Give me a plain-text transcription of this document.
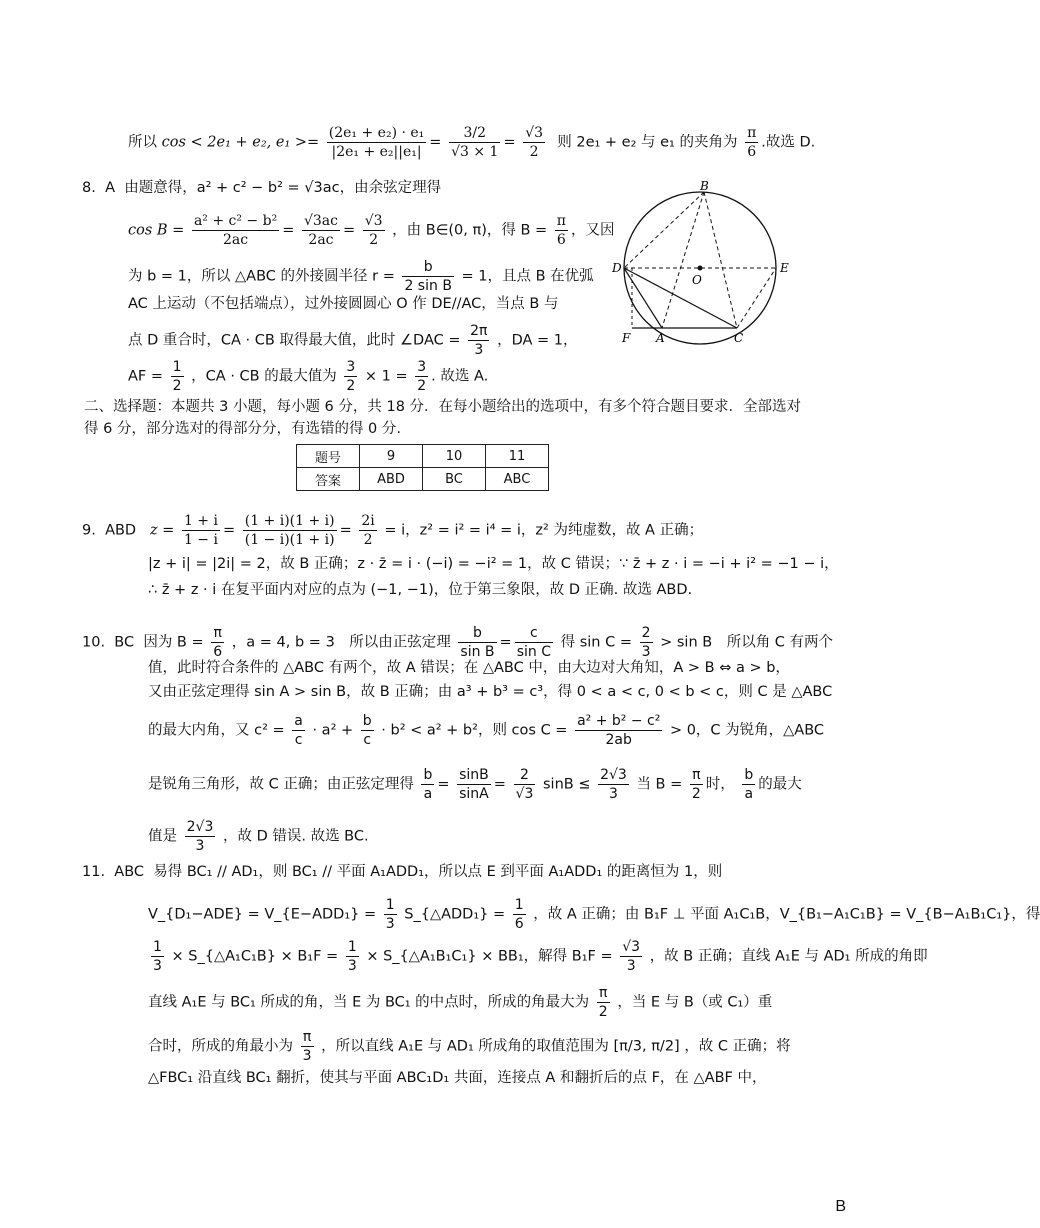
所以 cos < 2e₁ + e₂, $e_1 >= \frac{\text{(2e₁ + e₂) · e₁}}{\text{|2e₁ + e₂||e₁|}} = \frac{3/2}{√3 \times 1} = \frac{√3}{2}$ 则 2e₁ + e₂ 与 e₁ 的夹角为 $\frac{\pi}{6}$ .故选 D.
8. A 由题意得，a² + c² − b² = √3ac，由余弦定理得
$\cos B = \frac{\text{a² + c² − b²}}{2ac} = \frac{√3ac}{2ac} = \frac{√3}{2}$ ，由 B∈(0, π)，得 $B = \frac{\pi}{6}$ ，又因
为 b = 1，所以 △ABC 的外接圆半径 $r = \frac{b}{\text{2 sin B}} = 1$，且点 B 在优弧
AC 上运动（不包括端点），过外接圆圆心 O 作 DE//AC，当点 B 与
点 D 重合时，CA · CB 取得最大值，此时 ∠DAC = $\frac{2\pi}{3}$ ，DA = 1，
AF = $\frac{1}{2}$ ，CA · CB 的最大值为 $\frac{3}{2} \times 1 = \frac{3}{2}$ . 故选 A.
B
D	E
O
F A	C
二、选择题：本题共 3 小题，每小题 6 分，共 18 分．在每小题给出的选项中，有多个符合题目要求．全部选对得 6 分，部分选对的得部分分，有选错的得 0 分.
题号	9	10	11
答案	ABD	BC	ABC
9. ABD $z = \frac{1 + i}{1 - i} = \frac{(1 + i)(1 + i)}{(1 - i)(1 + i)} = \frac{2i}{2} = i$，z² = i² = i⁴ = i，z² 为纯虚数，故 A 正确；
|z + i| = |2i| = 2，故 B 正确；z · z̄ = i · (−i) = −i² = 1，故 C 错误；∵ z̄ + z · i = −i + i² = −1 − i，
∴ z̄ + z · i 在复平面内对应的点为 (−1, −1)，位于第三象限，故 D 正确. 故选 ABD.
10. BC 因为 $B = \frac{\pi}{6}$ ，a = 4, b = 3　所以由正弦定理 $\frac{b}{\text{sin B}} = \frac{c}{\text{sin C}}$ 得 $\sin C = \frac{2}{3} > \sin B$　所以角 C 有两个
值，此时符合条件的 △ABC 有两个，故 A 错误；在 △ABC 中，由大边对大角知，A > B ⇔ a > b，
又由正弦定理得 sin A > sin B，故 B 正确；由 a³ + b³ = c³，得 0 < a < c, 0 < b < c，则 C 是 △ABC
的最大内角，又 $c^2 = \frac{a}{c} \cdot a^2 + \frac{b}{c} \cdot b^2 < a^2 + b^2$，则 $\cos C = \frac{\text{a² + b² − c²}}{2ab} > 0$，C 为锐角，△ABC
是锐角三角形，故 C 正确；由正弦定理得 $\frac{b}{a} = \frac{\sin B}{\sin A} = \frac{2}{√3}$ $\sin B \le \frac{2√3}{3}$ 当 $B = \frac{\pi}{2}$ 时， $\frac{b}{a}$ 的最大
值是 $\frac{2√3}{3}$ ，故 D 错误. 故选 BC.
11. ABC 易得 BC₁ // AD₁，则 BC₁ // 平面 A₁ADD₁，所以点 E 到平面 A₁ADD₁ 的距离恒为 1，则
V_{D₁−ADE} = V_{E−ADD₁} = $\frac{1}{3}$ S_{△ADD₁} = $\frac{1}{6}$ ，故 A 正确；由 B₁F ⊥ 平面 A₁C₁B，V_{B₁−A₁C₁B} = V_{B−A₁B₁C₁}，得
$\frac{1}{3}$ × S_{△A₁C₁B} × $B_1F = \frac{1}{3}$ × S_{△A₁B₁C₁} × BB₁，解得 $B_1F = \frac{√3}{3}$ ，故 B 正确；直线 A₁E 与 AD₁ 所成的角即
直线 A₁E 与 BC₁ 所成的角，当 E 为 BC₁ 的中点时，所成的角最大为 $\frac{\pi}{2}$ ，当 E 与 B（或 C₁）重
合时，所成的角最小为 $\frac{\pi}{3}$ ，所以直线 A₁E 与 AD₁ 所成角的取值范围为 [π/3, π/2] ，故 C 正确；将
△FBC₁ 沿直线 BC₁ 翻折，使其与平面 ABC₁D₁ 共面，连接点 A 和翻折后的点 F，在 △ABF 中，
B
